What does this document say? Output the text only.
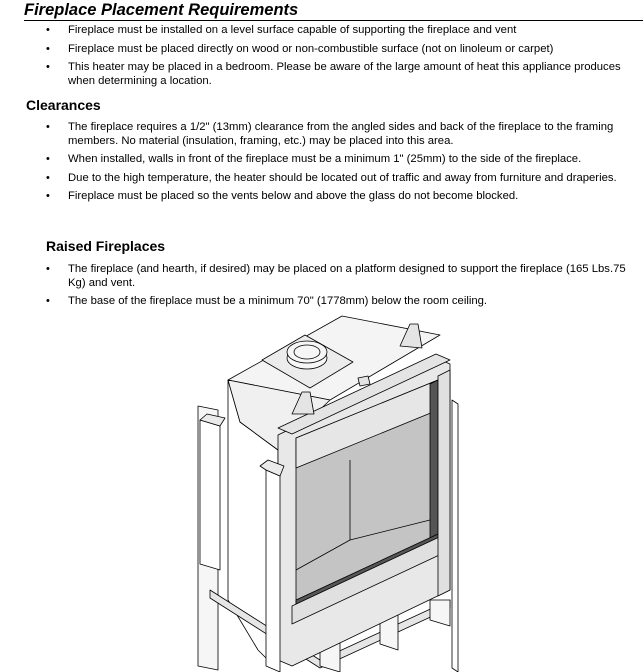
Fireplace Placement Requirements
• Fireplace must be installed on a level surface capable of supporting the fireplace and vent
• Fireplace must be placed directly on wood or non-combustible surface (not on linoleum or carpet)
• This heater may be placed in a bedroom. Please be aware of the large amount of heat this appliance produces when determining a location.
Clearances
• The fireplace requires a 1/2" (13mm) clearance from the angled sides and back of the fireplace to the framing members. No material (insulation, framing, etc.) may be placed into this area.
• When installed, walls in front of the fireplace must be a minimum 1" (25mm) to the side of the fireplace.
• Due to the high temperature, the heater should be located out of traffic and away from furniture and draperies.
• Fireplace must be placed so the vents below and above the glass do not become blocked.
Raised Fireplaces
• The fireplace (and hearth, if desired) may be placed on a platform designed to support the fireplace (165 Lbs.75 Kg) and vent.
• The base of the fireplace must be a minimum 70" (1778mm) below the room ceiling.
